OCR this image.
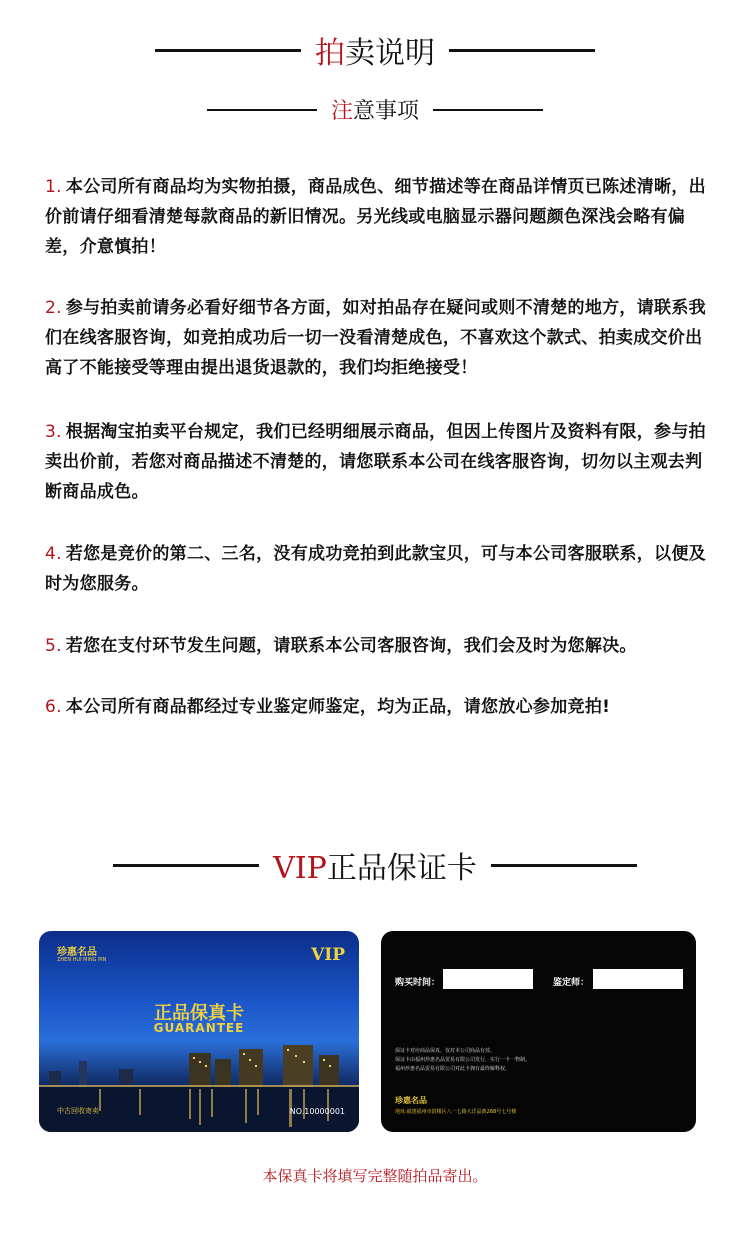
拍卖说明
注意事项
1. 本公司所有商品均为实物拍摄，商品成色、细节描述等在商品详情页已陈述清晰，出价前请仔细看清楚每款商品的新旧情况。另光线或电脑显示器问题颜色深浅会略有偏差，介意慎拍！
2. 参与拍卖前请务必看好细节各方面，如对拍品存在疑问或则不清楚的地方，请联系我们在线客服咨询，如竞拍成功后一切一没看清楚成色，不喜欢这个款式、拍卖成交价出高了不能接受等理由提出退货退款的，我们均拒绝接受！
3. 根据淘宝拍卖平台规定，我们已经明细展示商品，但因上传图片及资料有限，参与拍卖出价前，若您对商品描述不清楚的，请您联系本公司在线客服咨询，切勿以主观去判断商品成色。
4. 若您是竞价的第二、三名，没有成功竞拍到此款宝贝，可与本公司客服联系，以便及时为您服务。
5. 若您在支付环节发生问题，请联系本公司客服咨询，我们会及时为您解决。
6. 本公司所有商品都经过专业鉴定师鉴定，均为正品，请您放心参加竞拍!
VIP正品保证卡
珍惠名品
ZHEN HUI MING PIN	VIP
正品保真卡
GUARANTEE
中古回收寄卖	NO.10000001
购买时间：	鉴定师：
保证卡对应商品保真，仅对本公司商品有效。
保证卡由福州珍惠名品贸易有限公司发行，实行一卡一物制。
福州珍惠名品贸易有限公司对此卡拥有最终解释权。
珍惠名品
地址:福建福州市鼓楼区八一七路大洋晶典268号七号楼
本保真卡将填写完整随拍品寄出。
